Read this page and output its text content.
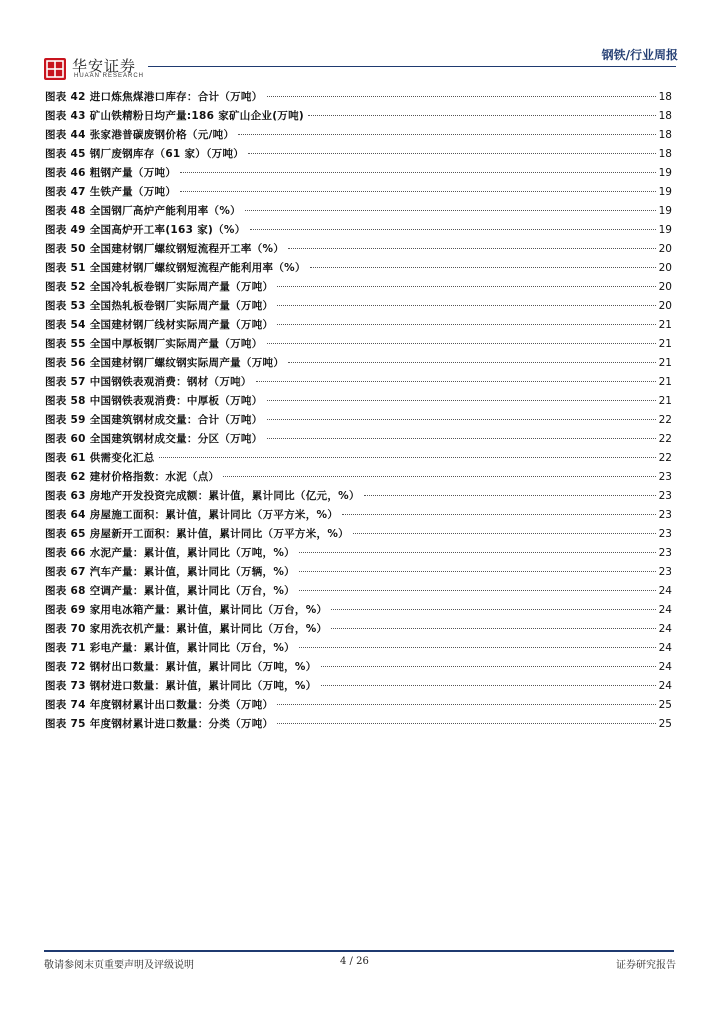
华安证券
HUAAN RESEARCH
钢铁/行业周报
图表 42 进口炼焦煤港口库存：合计（万吨）	18
图表 43 矿山铁精粉日均产量:186 家矿山企业(万吨)	18
图表 44 张家港普碳废钢价格（元/吨）	18
图表 45 钢厂废钢库存（61 家）（万吨）	18
图表 46 粗钢产量（万吨）	19
图表 47 生铁产量（万吨）	19
图表 48 全国钢厂高炉产能利用率（%）	19
图表 49 全国高炉开工率(163 家)（%）	19
图表 50 全国建材钢厂螺纹钢短流程开工率（%）	20
图表 51 全国建材钢厂螺纹钢短流程产能利用率（%）	20
图表 52 全国冷轧板卷钢厂实际周产量（万吨）	20
图表 53 全国热轧板卷钢厂实际周产量（万吨）	20
图表 54 全国建材钢厂线材实际周产量（万吨）	21
图表 55 全国中厚板钢厂实际周产量（万吨）	21
图表 56 全国建材钢厂螺纹钢实际周产量（万吨）	21
图表 57 中国钢铁表观消费：钢材（万吨）	21
图表 58 中国钢铁表观消费：中厚板（万吨）	21
图表 59 全国建筑钢材成交量：合计（万吨）	22
图表 60 全国建筑钢材成交量：分区（万吨）	22
图表 61 供需变化汇总	22
图表 62 建材价格指数：水泥（点）	23
图表 63 房地产开发投资完成额：累计值，累计同比（亿元，%）	23
图表 64 房屋施工面积：累计值，累计同比（万平方米，%）	23
图表 65 房屋新开工面积：累计值，累计同比（万平方米，%）	23
图表 66 水泥产量：累计值，累计同比（万吨，%）	23
图表 67 汽车产量：累计值，累计同比（万辆，%）	23
图表 68 空调产量：累计值，累计同比（万台，%）	24
图表 69 家用电冰箱产量：累计值，累计同比（万台，%）	24
图表 70 家用洗衣机产量：累计值，累计同比（万台，%）	24
图表 71 彩电产量：累计值，累计同比（万台，%）	24
图表 72 钢材出口数量：累计值，累计同比（万吨，%）	24
图表 73 钢材进口数量：累计值，累计同比（万吨，%）	24
图表 74 年度钢材累计出口数量：分类（万吨）	25
图表 75 年度钢材累计进口数量：分类（万吨）	25
敬请参阅末页重要声明及评级说明	4 / 26	证券研究报告
